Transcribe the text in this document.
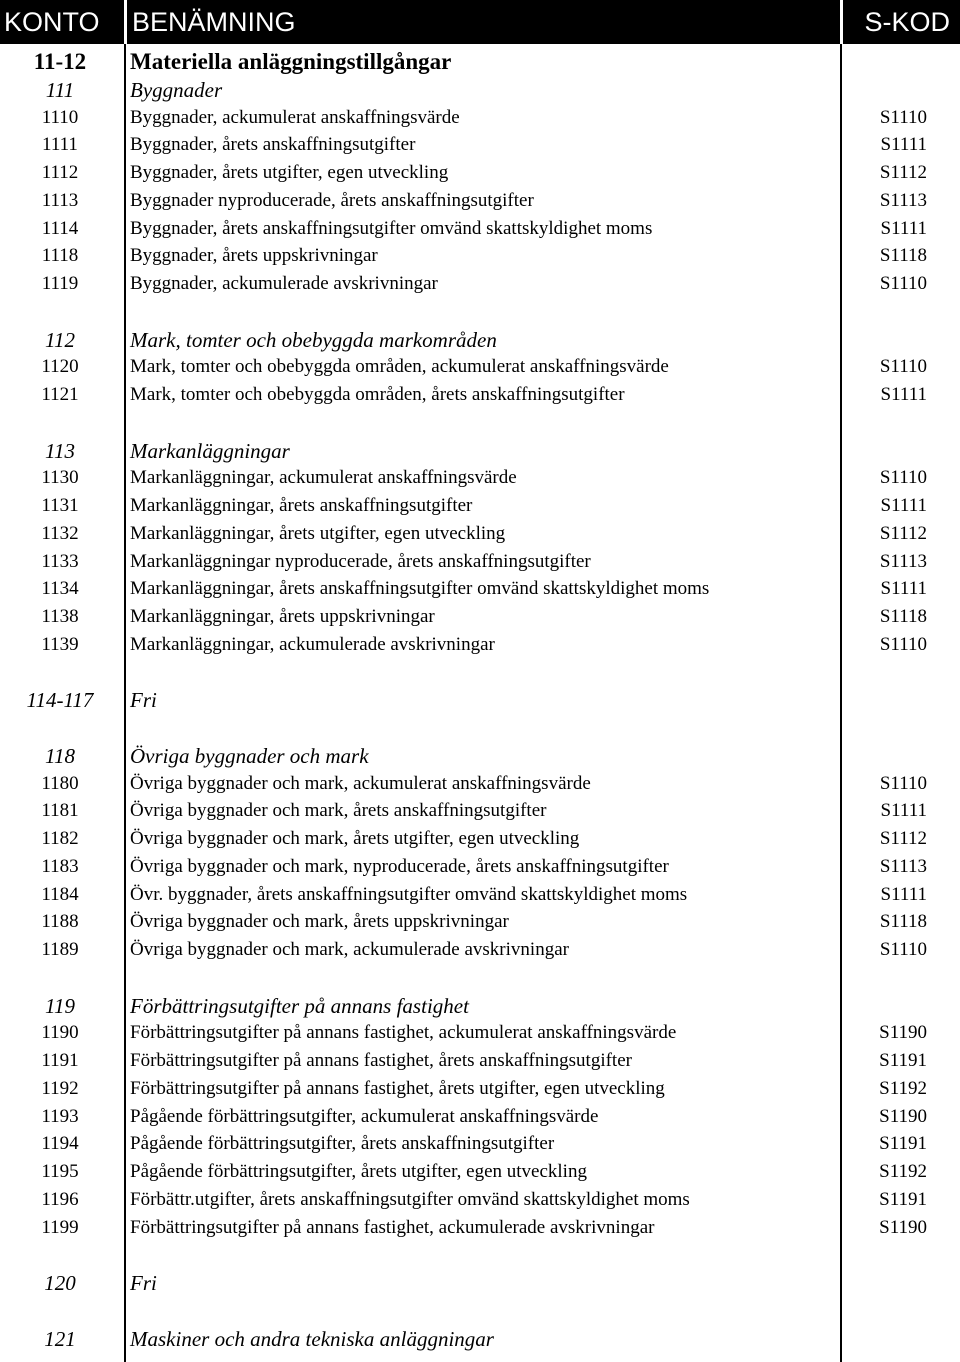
KONTO BENÄMNING	S-KOD
11-12	Materiella anläggningstillgångar
111	Byggnader
1110	Byggnader, ackumulerat anskaffningsvärde	S1110
1111	Byggnader, årets anskaffningsutgifter	S1111
1112	Byggnader, årets utgifter, egen utveckling	S1112
1113	Byggnader nyproducerade, årets anskaffningsutgifter	S1113
1114	Byggnader, årets anskaffningsutgifter omvänd skattskyldighet moms	S1111
1118	Byggnader, årets uppskrivningar	S1118
1119	Byggnader, ackumulerade avskrivningar	S1110
112	Mark, tomter och obebyggda markområden
1120	Mark, tomter och obebyggda områden, ackumulerat anskaffningsvärde	S1110
1121	Mark, tomter och obebyggda områden, årets anskaffningsutgifter	S1111
113	Markanläggningar
1130	Markanläggningar, ackumulerat anskaffningsvärde	S1110
1131	Markanläggningar, årets anskaffningsutgifter	S1111
1132	Markanläggningar, årets utgifter, egen utveckling	S1112
1133	Markanläggningar nyproducerade, årets anskaffningsutgifter	S1113
1134	Markanläggningar, årets anskaffningsutgifter omvänd skattskyldighet moms	S1111
1138	Markanläggningar, årets uppskrivningar	S1118
1139	Markanläggningar, ackumulerade avskrivningar	S1110
114-117	Fri
118	Övriga byggnader och mark
1180	Övriga byggnader och mark, ackumulerat anskaffningsvärde	S1110
1181	Övriga byggnader och mark, årets anskaffningsutgifter	S1111
1182	Övriga byggnader och mark, årets utgifter, egen utveckling	S1112
1183	Övriga byggnader och mark, nyproducerade, årets anskaffningsutgifter	S1113
1184	Övr. byggnader, årets anskaffningsutgifter omvänd skattskyldighet moms	S1111
1188	Övriga byggnader och mark, årets uppskrivningar	S1118
1189	Övriga byggnader och mark, ackumulerade avskrivningar	S1110
119	Förbättringsutgifter på annans fastighet
1190	Förbättringsutgifter på annans fastighet, ackumulerat anskaffningsvärde	S1190
1191	Förbättringsutgifter på annans fastighet, årets anskaffningsutgifter	S1191
1192	Förbättringsutgifter på annans fastighet, årets utgifter, egen utveckling	S1192
1193	Pågående förbättringsutgifter, ackumulerat anskaffningsvärde	S1190
1194	Pågående förbättringsutgifter, årets anskaffningsutgifter	S1191
1195	Pågående förbättringsutgifter, årets utgifter, egen utveckling	S1192
1196	Förbättr.utgifter, årets anskaffningsutgifter omvänd skattskyldighet moms	S1191
1199	Förbättringsutgifter på annans fastighet, ackumulerade avskrivningar	S1190
120	Fri
121	Maskiner och andra tekniska anläggningar
